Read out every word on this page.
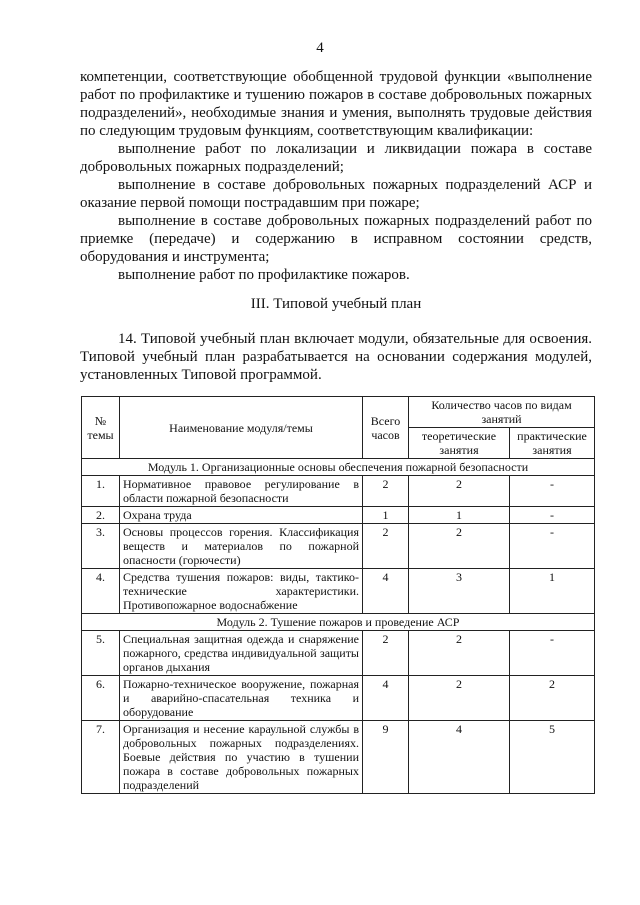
4

компетенции, соответствующие обобщенной трудовой функции «выполнение работ по профилактике и тушению пожаров в составе добровольных пожарных подразделений», необходимые знания и умения, выполнять трудовые действия по следующим трудовым функциям, соответствующим квалификации:

выполнение работ по локализации и ликвидации пожара в составе добровольных пожарных подразделений;

выполнение в составе добровольных пожарных подразделений АСР и оказание первой помощи пострадавшим при пожаре;

выполнение в составе добровольных пожарных подразделений работ по приемке (передаче) и содержанию в исправном состоянии средств, оборудования и инструмента;

выполнение работ по профилактике пожаров.

III. Типовой учебный план

14. Типовой учебный план включает модули, обязательные для освоения. Типовой учебный план разрабатывается на основании содержания модулей, установленных Типовой программой.

№ темы	Наименование модуля/темы	Всего часов	Количество часов по видам занятий	
			теоретические занятия	практические занятия
Модуль 1. Организационные основы обеспечения пожарной безопасности				
1.	Нормативное правовое регулирование в области пожарной безопасности	2	2	-
2.	Охрана труда	1	1	-
3.	Основы процессов горения. Классификация веществ и материалов по пожарной опасности (горючести)	2	2	-
4.	Средства тушения пожаров: виды, тактико-технические характеристики. Противопожарное водоснабжение	4	3	1
Модуль 2. Тушение пожаров и проведение АСР				
5.	Специальная защитная одежда и снаряжение пожарного, средства индивидуальной защиты органов дыхания	2	2	-
6.	Пожарно-техническое вооружение, пожарная и аварийно-спасательная техника и оборудование	4	2	2
7.	Организация и несение караульной службы в добровольных пожарных подразделениях. Боевые действия по участию в тушении пожара в составе добровольных пожарных подразделений	9	4	5
